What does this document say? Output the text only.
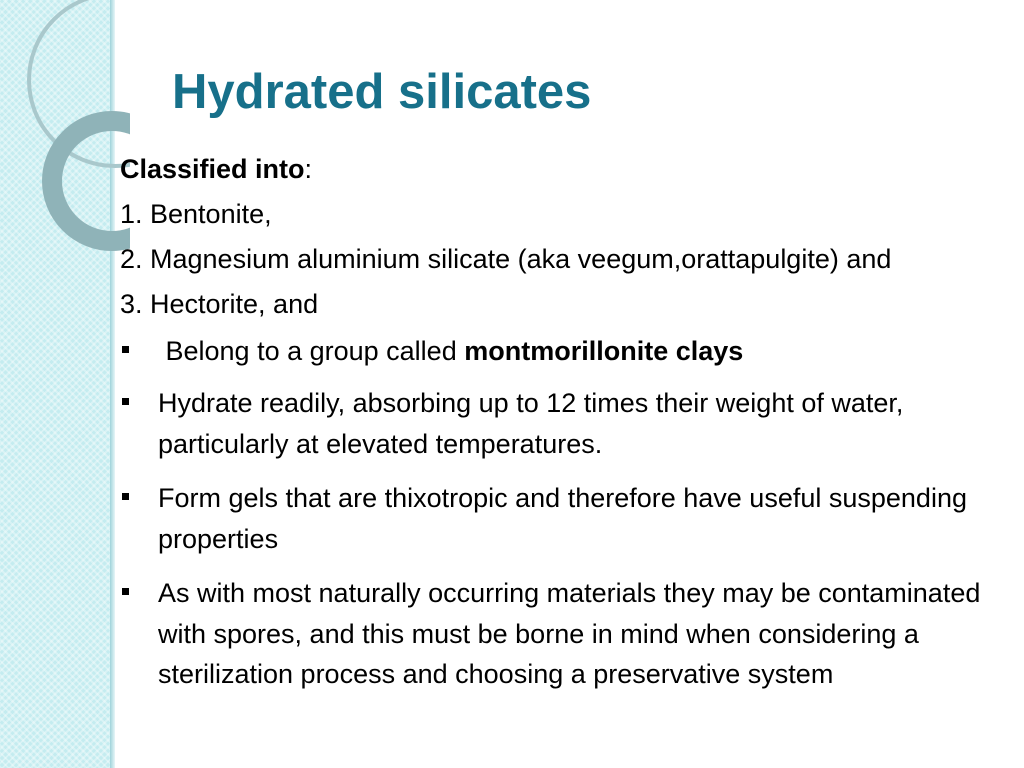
Hydrated silicates

Classified into:

1. Bentonite,

2. Magnesium aluminium silicate (aka veegum,orattapulgite) and

3. Hectorite, and

Belong to a group called montmorillonite clays
Hydrate readily, absorbing up to 12 times their weight of water, particularly at elevated temperatures.
Form gels that are thixotropic and therefore have useful suspending properties
As with most naturally occurring materials they may be contaminated with spores, and this must be borne in mind when considering a sterilization process and choosing a preservative system
